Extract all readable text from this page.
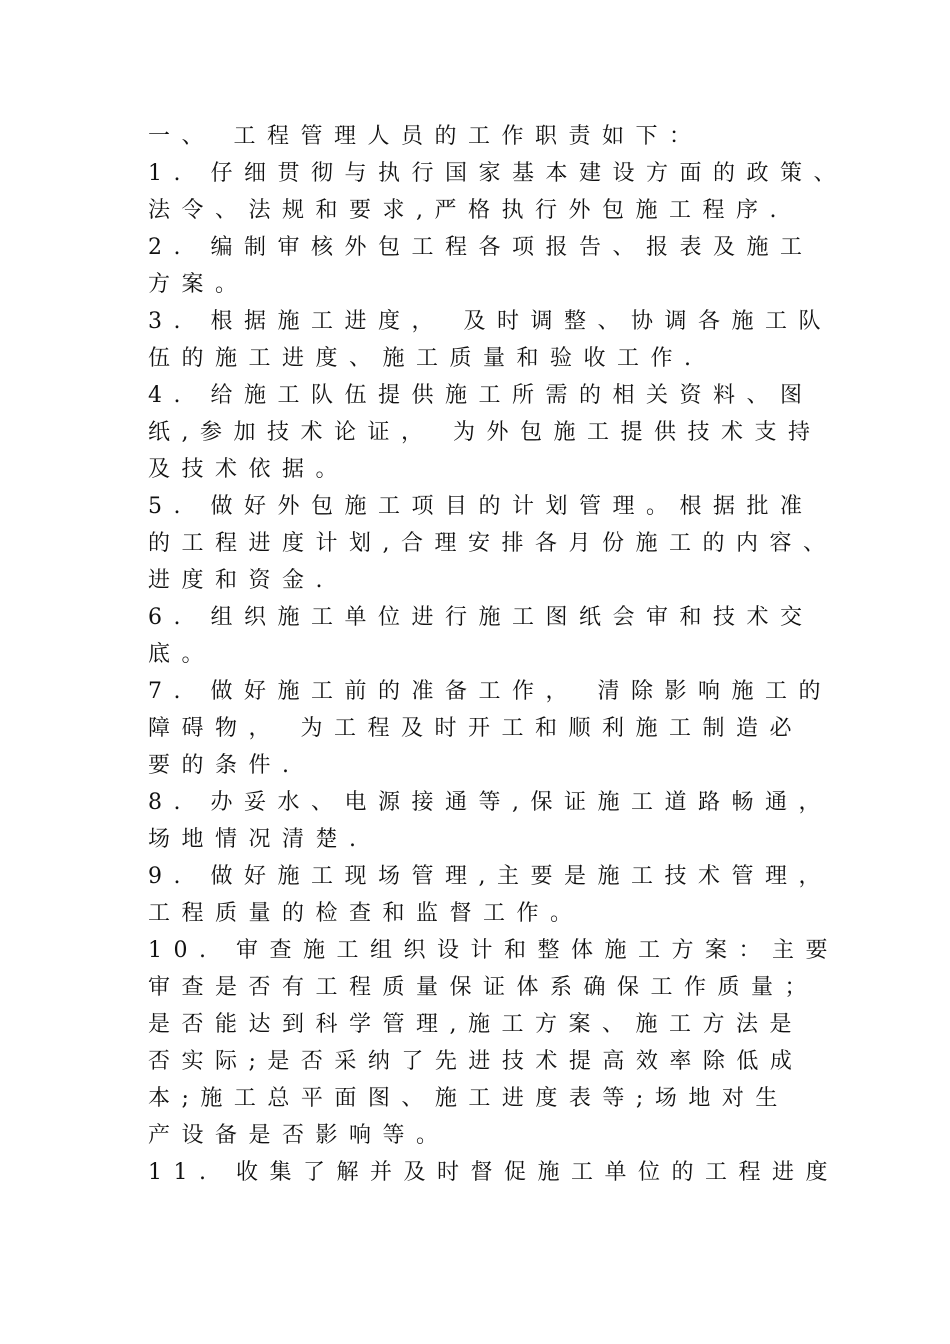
一、 工程管理人员的工作职责如下：
1. 仔细贯彻与执行国家基本建设方面的政策、
法令、法规和要求,严格执行外包施工程序.
2. 编制审核外包工程各项报告、报表及施工
方案。
3. 根据施工进度， 及时调整、协调各施工队
伍的施工进度、施工质量和验收工作.
4. 给施工队伍提供施工所需的相关资料、图
纸,参加技术论证， 为外包施工提供技术支持
及技术依据。
5. 做好外包施工项目的计划管理。根据批准
的工程进度计划,合理安排各月份施工的内容、
进度和资金.
6. 组织施工单位进行施工图纸会审和技术交
底。
7. 做好施工前的准备工作， 清除影响施工的
障碍物， 为工程及时开工和顺利施工制造必
要的条件.
8. 办妥水、电源接通等,保证施工道路畅通，
场地情况清楚.
9. 做好施工现场管理,主要是施工技术管理，
工程质量的检查和监督工作。
10. 审查施工组织设计和整体施工方案：主要
审查是否有工程质量保证体系确保工作质量；
是否能达到科学管理,施工方案、施工方法是
否实际;是否采纳了先进技术提高效率除低成
本;施工总平面图、施工进度表等;场地对生
产设备是否影响等。
11. 收集了解并及时督促施工单位的工程进度
